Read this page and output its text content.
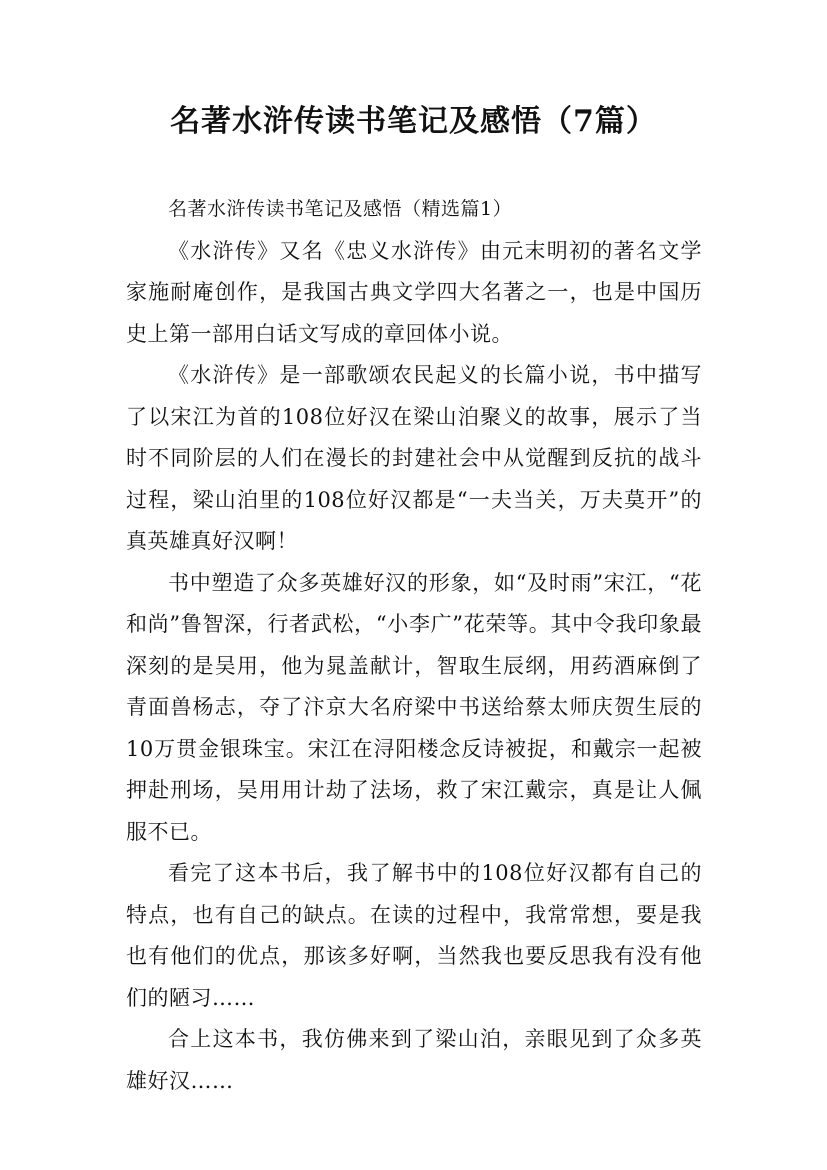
名著水浒传读书笔记及感悟（7篇）

名著水浒传读书笔记及感悟（精选篇1）

《水浒传》又名《忠义水浒传》由元末明初的著名文学家施耐庵创作，是我国古典文学四大名著之一，也是中国历史上第一部用白话文写成的章回体小说。

《水浒传》是一部歌颂农民起义的长篇小说，书中描写了以宋江为首的108位好汉在梁山泊聚义的故事，展示了当时不同阶层的人们在漫长的封建社会中从觉醒到反抗的战斗过程，梁山泊里的108位好汉都是“一夫当关，万夫莫开”的真英雄真好汉啊！

书中塑造了众多英雄好汉的形象，如“及时雨”宋江，“花和尚”鲁智深，行者武松，“小李广”花荣等。其中令我印象最深刻的是吴用，他为晁盖献计，智取生辰纲，用药酒麻倒了青面兽杨志，夺了汴京大名府梁中书送给蔡太师庆贺生辰的10万贯金银珠宝。宋江在浔阳楼念反诗被捉，和戴宗一起被押赴刑场，吴用用计劫了法场，救了宋江戴宗，真是让人佩服不已。

看完了这本书后，我了解书中的108位好汉都有自己的特点，也有自己的缺点。在读的过程中，我常常想，要是我也有他们的优点，那该多好啊，当然我也要反思我有没有他们的陋习……

合上这本书，我仿佛来到了梁山泊，亲眼见到了众多英雄好汉……
